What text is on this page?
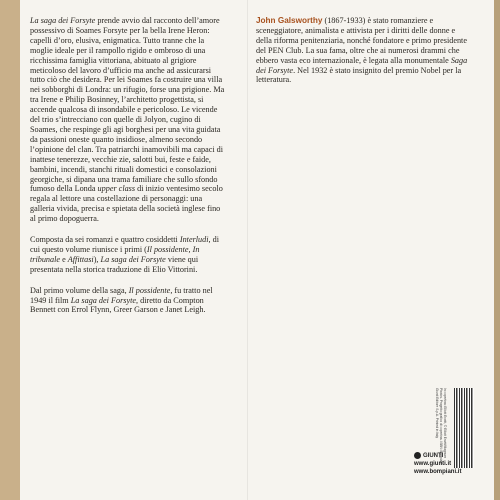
La saga dei Forsyte prende avvio dal racconto dell’amore possessivo di Soames Forsyte per la bella Irene Heron: capelli d’oro, elusiva, enigmatica. Tutto tranne che la moglie ideale per il rampollo rigido e ombroso di una ricchissima famiglia vittoriana, abituato al grigiore meticoloso del lavoro d’ufficio ma anche ad assicurarsi tutto ciò che desidera. Per lei Soames fa costruire una villa nei sobborghi di Londra: un rifugio, forse una prigione. Ma tra Irene e Philip Bosinney, l’architetto progettista, si accende qualcosa di insondabile e pericoloso. Le vicende del trio s’intrecciano con quelle di Jolyon, cugino di Soames, che respinge gli agi borghesi per una vita guidata da passioni oneste quanto insidiose, almeno secondo l’opinione del clan. Tra patriarchi inamovibili ma capaci di inattese tenerezze, vecchie zie, salotti bui, feste e faide, bambini, incendi, stanchi rituali domestici e consolazioni georgiche, si dipana una trama familiare che sullo sfondo fumoso della Londa upper class di inizio ventesimo secolo regala al lettore una costellazione di personaggi: una galleria vivida, precisa e spietata della società inglese fino al primo dopoguerra.

Composta da sei romanzi e quattro cosiddetti Interludi, di cui questo volume riunisce i primi (Il possidente, In tribunale e Affittasi), La saga dei Forsyte viene qui presentata nella storica traduzione di Elio Vittorini.

Dal primo volume della saga, Il possidente, fu tratto nel 1949 il film La saga dei Forsyte, diretto da Compton Bennett con Errol Flynn, Greer Garson e Janet Leigh.

John Galsworthy (1867-1933) è stato romanziere e sceneggiatore, animalista e attivista per i diritti delle donne e della riforma penitenziaria, nonché fondatore e primo presidente del PEN Club. La sua fama, oltre che ai numerosi drammi che ebbero vasta eco internazionale, è legata alla monumentale Saga dei Forsyte. Nel 1932 è stato insignito del premio Nobel per la letteratura.

In copertina: Elliott Erwitt, © Elliott Erwitt/Magnum Photos. Progetto grafico di copertina. ISBN: Bompiani, Giunti Editore S.p.A. Printed in Italy
GIUNTI
www.giunti.it
www.bompiani.it
